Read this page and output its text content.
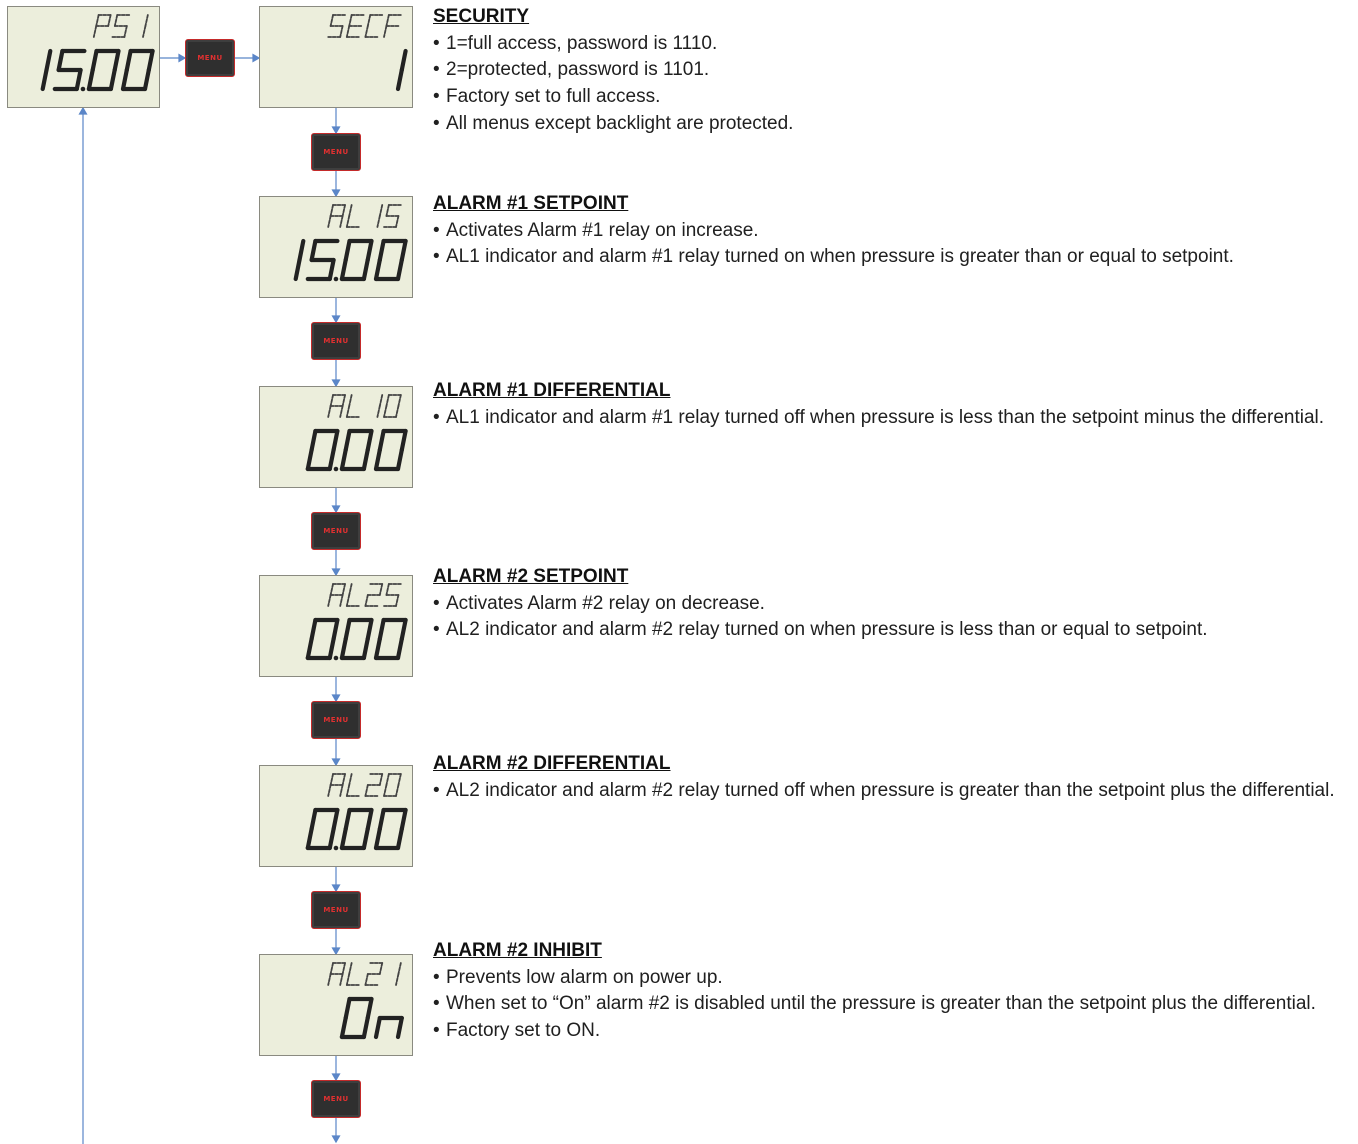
MENU
MENU
MENU
MENU
MENU
MENU
MENU
SECURITY
• 1=full access, password is 1110.
• 2=protected, password is 1101.
• Factory set to full access.
• All menus except backlight are protected.
ALARM #1 SETPOINT
• Activates Alarm #1 relay on increase.
• AL1 indicator and alarm #1 relay turned on when pressure is greater than or equal to setpoint.
ALARM #1 DIFFERENTIAL
• AL1 indicator and alarm #1 relay turned off when pressure is less than the setpoint minus the differential.
ALARM #2 SETPOINT
• Activates Alarm #2 relay on decrease.
• AL2 indicator and alarm #2 relay turned on when pressure is less than or equal to setpoint.
ALARM #2 DIFFERENTIAL
• AL2 indicator and alarm #2 relay turned off when pressure is greater than the setpoint plus the differential.
ALARM #2 INHIBIT
• Prevents low alarm on power up.
• When set to “On” alarm #2 is disabled until the pressure is greater than the setpoint plus the differential.
• Factory set to ON.
